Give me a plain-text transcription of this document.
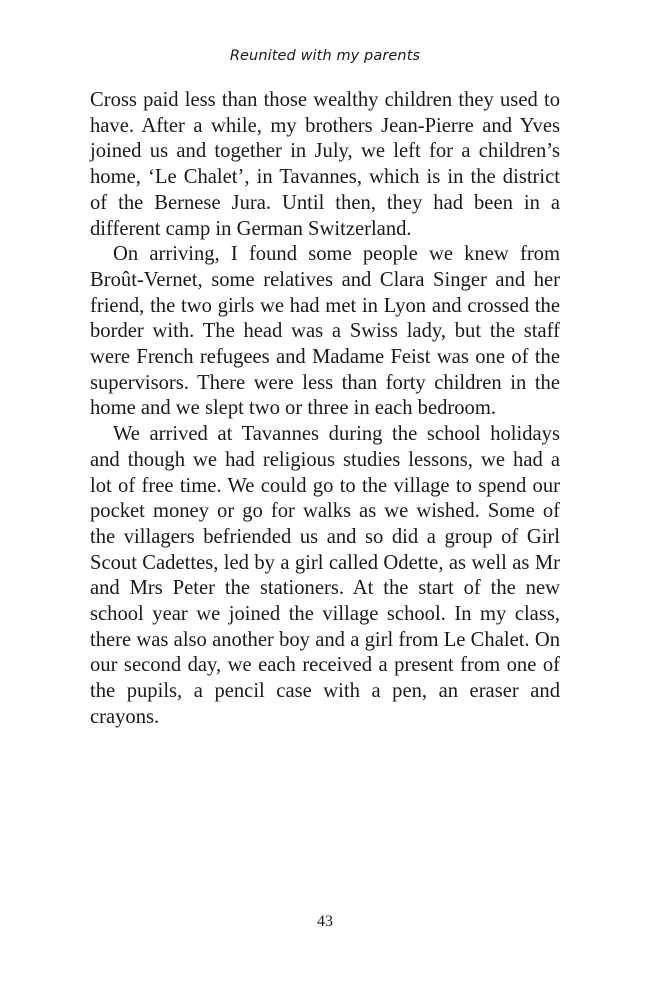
Reunited with my parents

Cross paid less than those wealthy children they used to have. After a while, my brothers Jean-Pierre and Yves joined us and together in July, we left for a children’s home, ‘Le Chalet’, in Tavannes, which is in the district of the Bernese Jura. Until then, they had been in a different camp in German Switzerland.

On arriving, I found some people we knew from Broût-Vernet, some relatives and Clara Singer and her friend, the two girls we had met in Lyon and crossed the border with. The head was a Swiss lady, but the staff were French refugees and Madame Feist was one of the supervisors. There were less than forty children in the home and we slept two or three in each bedroom.

We arrived at Tavannes during the school holidays and though we had religious studies lessons, we had a lot of free time. We could go to the village to spend our pocket money or go for walks as we wished. Some of the villagers befriended us and so did a group of Girl Scout Cadettes, led by a girl called Odette, as well as Mr and Mrs Peter the stationers. At the start of the new school year we joined the village school. In my class, there was also another boy and a girl from Le Chalet. On our second day, we each received a present from one of the pupils, a pencil case with a pen, an eraser and crayons.

43
